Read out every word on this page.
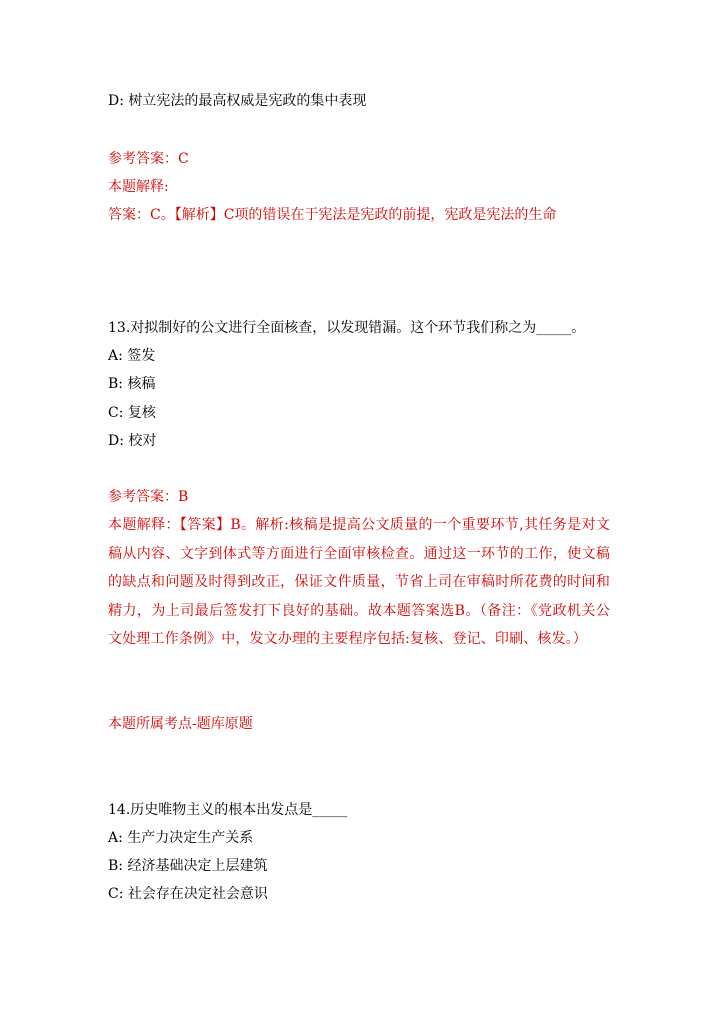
D: 树立宪法的最高权威是宪政的集中表现
参考答案：C
本题解释:
答案：C。【解析】C项的错误在于宪法是宪政的前提，宪政是宪法的生命
13.对拟制好的公文进行全面核查，以发现错漏。这个环节我们称之为_____。
A: 签发
B: 核稿
C: 复核
D: 校对
参考答案：B
本题解释：【答案】B。解析:核稿是提高公文质量的一个重要环节,其任务是对文稿从内容、文字到体式等方面进行全面审核检查。通过这一环节的工作，使文稿的缺点和问题及时得到改正，保证文件质量，节省上司在审稿时所花费的时间和精力，为上司最后签发打下良好的基础。故本题答案选B。（备注：《党政机关公文处理工作条例》中，发文办理的主要程序包括:复核、登记、印刷、核发。）
本题所属考点-题库原题
14.历史唯物主义的根本出发点是_____
A: 生产力决定生产关系
B: 经济基础决定上层建筑
C: 社会存在决定社会意识
